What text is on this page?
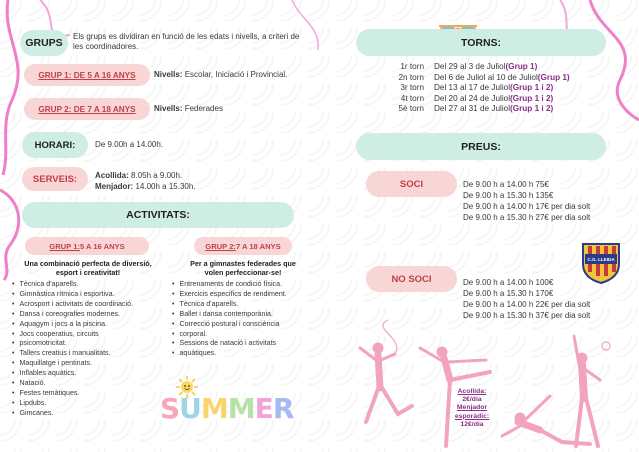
GRUPS
Els grups es dividiran en funció de les edats i nivells, a criteri de les coordinadores.
GRUP 1: DE 5 A 16 ANYS Nivells: Escolar, Iniciació i Provincial.
GRUP 2: DE 7 A 18 ANYS Nivells: Federades
HORARI:	De 9.00h a 14.00h.
SERVEIS:	Acollida: 8.05h a 9.00h.
Menjador: 14.00h a 15.30h.
ACTIVITATS:
GRUP 1: 5 A 16 ANYS
Una combinació perfecta de diversió,
esport i creativitat!
• Tècnica d'aparells.
• Gimnàstica rítmica i esportiva.
• Acrosport i activitats de coordinació.
• Dansa i coreografies modernes.
• Aquagym i jocs a la piscina.
• Jocs cooperatius, circuits
• psicomotricitat.
• Tallers creatius i manualitats.
• Maquillatge i pentinats.
• Inflables aquàtics.
• Natació.
• Festes temàtiques.
• Lipdubs.
• Gimcanes.
GRUP 2: 7 A 18 ANYS
Per a gimnastes federades que
volen perfeccionar-se!
• Entrenaments de condició física.
• Exercicis específics de rendiment.
• Tècnica d'aparells.
• Ballet i dansa contemporània.
• Correcció postural i consciència
• corporal.
• Sessions de natació i activitats
• aquàtiques.
SUMMER
TORNS:
1r torn	Del 29 al 3 de Juliol (Grup 1)
2n torn	Del 6 de Juliol al 10 de Juliol (Grup 1)
3r torn	Del 13 al 17 de Juliol (Grup 1 i 2)
4t torn	Del 20 al 24 de Juliol (Grup 1 i 2)
5è torn	Del 27 al 31 de Juliol (Grup 1 i 2)
PREUS:
SOCI	De 9.00 h a 14.00 h 75€
De 9.00 h a 15.30 h 135€
De 9.00 h a 14.00 h 17€ per dia solt
De 9.00 h a 15.30 h 27€ per dia solt
NO SOCI	De 9.00 h a 14.00 h 100€
De 9.00 h a 15.30 h 170€
De 9.00 h a 14.00 h 22€ per dia solt
De 9.00 h a 15.30 h 37€ per dia solt
C.G. LLEIDA
Acollida:
2€/dia
Menjador
esporàdic:
12€/dia
